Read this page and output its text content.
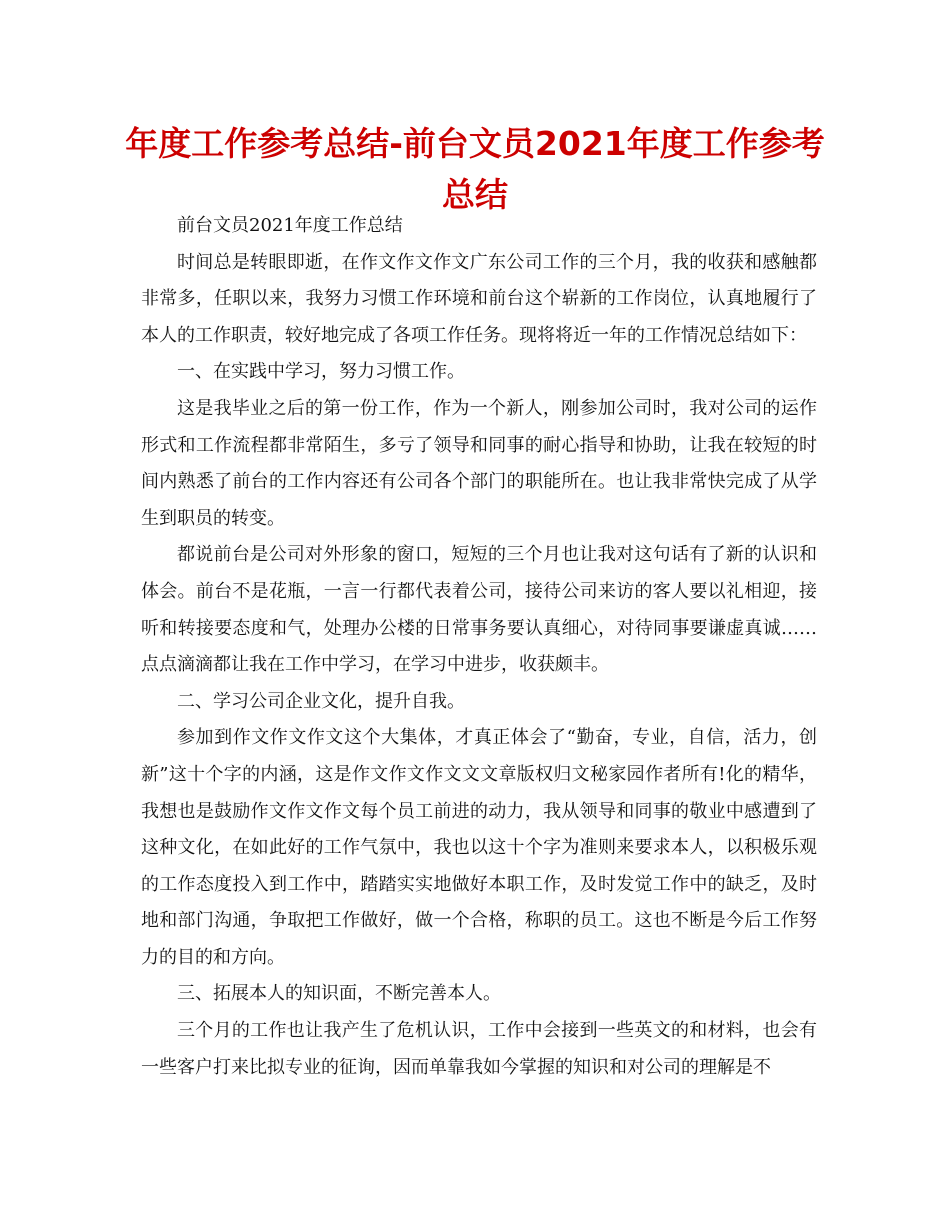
年度工作参考总结-前台文员2021年度工作参考总结

前台文员2021年度工作总结

时间总是转眼即逝，在作文作文作文广东公司工作的三个月，我的收获和感触都非常多，任职以来，我努力习惯工作环境和前台这个崭新的工作岗位，认真地履行了本人的工作职责，较好地完成了各项工作任务。现将将近一年的工作情况总结如下：

一、在实践中学习，努力习惯工作。

这是我毕业之后的第一份工作，作为一个新人，刚参加公司时，我对公司的运作形式和工作流程都非常陌生，多亏了领导和同事的耐心指导和协助，让我在较短的时间内熟悉了前台的工作内容还有公司各个部门的职能所在。也让我非常快完成了从学生到职员的转变。

都说前台是公司对外形象的窗口，短短的三个月也让我对这句话有了新的认识和体会。前台不是花瓶，一言一行都代表着公司，接待公司来访的客人要以礼相迎，接听和转接要态度和气，处理办公楼的日常事务要认真细心，对待同事要谦虚真诚……点点滴滴都让我在工作中学习，在学习中进步，收获颇丰。

二、学习公司企业文化，提升自我。

参加到作文作文作文这个大集体，才真正体会了“勤奋，专业，自信，活力，创新”这十个字的内涵，这是作文作文作文文文章版权归文秘家园作者所有!化的精华，我想也是鼓励作文作文作文每个员工前进的动力，我从领导和同事的敬业中感遭到了这种文化，在如此好的工作气氛中，我也以这十个字为准则来要求本人，以积极乐观的工作态度投入到工作中，踏踏实实地做好本职工作，及时发觉工作中的缺乏，及时地和部门沟通，争取把工作做好，做一个合格，称职的员工。这也不断是今后工作努力的目的和方向。

三、拓展本人的知识面，不断完善本人。

三个月的工作也让我产生了危机认识，工作中会接到一些英文的和材料，也会有一些客户打来比拟专业的征询，因而单靠我如今掌握的知识和对公司的理解是不
